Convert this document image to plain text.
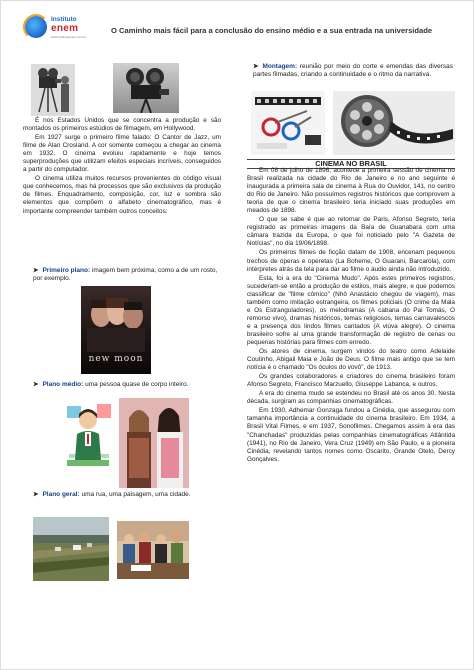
Instituto
enem
www.institutoenem.com.br
O Caminho mais fácil para a conclusão do ensino médio e a sua entrada na universidade

É nos Estados Unidos que se concentra a produção e são montados os primeiros estúdios de filmagem, em Hollywood.

Em 1927 surge o primeiro filme falado: O Cantor de Jazz, um filme de Alan Crosland. A cor somente começou a chegar ao cinema em 1932. O cinema evoluiu rapidamente e hoje temos superproduções que utilizam efeitos especiais incríveis, conseguidos a partir do computador.

O cinema utiliza muitos recursos provenientes do código visual que conhecemos, mas há processos que são exclusivos da produção de filmes. Enquadramento, composição, cor, luz e sombra são elementos que compõem o alfabeto cinematográfico, mas é importante compreender também outros conceitos:

➤ Primeiro plano: imagem bem próxima, como a de um rosto, por exemplo.
new moon
➤ Plano médio: uma pessoa quase de corpo inteiro.
➤ Plano geral: uma rua, uma paisagem, uma cidade.
➤ Montagem: reunião por meio do corte e emendas das diversas partes filmadas, criando a continuidade e o ritmo da narrativa.
CINEMA NO BRASIL

Em 08 de julho de 1896, acontece a primeira sessão de cinema no Brasil realizada na cidade do Rio de Janeiro e no ano seguinte é inaugurada a primeira sala de cinema à Rua do Ouvidor, 141, no centro do Rio de Janeiro. Não possuímos registros históricos que comprovem a teoria de que o cinema brasileiro teria iniciado suas produções em meados de 1898.

O que se sabe é que ao retornar de Paris, Afonso Segreto, teria registrado as primeiras imagens da Baía de Guanabara com uma câmara trazida da Europa, o que foi noticiado pelo "A Gazeta de Notícias", no dia 19/06/1898.

Os primeiros filmes de ficção datam de 1908, encenam pequenos trechos de óperas e operetas (La Boheme, O Guarani, Barcarola), com intérpretes atrás da tela para dar ao filme o áudio ainda não introduzido.

Esta, foi a era do "Cinema Mudo". Após estes primeiros registros, sucederam-se então a produção de estilos, mais alegre, e que podemos classificar de "filme cômico" (Nhô Anastácio chegou de viagem), mas também como imitação estrangeira, os filmes policiais (O crime da Mala e Os Estranguladores), os melodramas (A cabana do Pai Tomás, O remorso vivo), dramas históricos, temas religiosos, temas carnavalescos e a presença dos lindos filmes cantados (A viúva alegre). O cinema brasileiro sofre aí uma grande transformação de registro de cenas ou pequenas histórias para filmes com enredo.

Os atores de cinema, surgem vindos do teatro como Adelaide Coutinho, Abigail Maia e João de Deus. O filme mais antigo que se tem notícia é o chamado "Os óculos do vovô", de 1913.

Os grandes colaboradores e criadores do cinema brasileiro foram Afonso Segreto, Francisco Marzuello, Giuseppe Labanca, e outros.

A era do cinema mudo se estendeu no Brasil até os anos 30. Nesta década, surgiram as companhias cinematográficas.

Em 1930, Adhemar Gonzaga fundou a Cinédia, que assegurou com tamanha importância a continuidade do cinema brasileiro. Em 1934, a Brasil Vital Filmes, e em 1937, Sonofilmes. Chegamos assim à era das "Chanchadas" produzidas pelas companhias cinematográficas Atlântida (1941), no Rio de Janeiro, Vera Cruz (1949) em São Paulo, e a pioneira Cinédia, revelando tantos nomes como Oscarito, Grande Otelo, Dercy Gonçalves.
